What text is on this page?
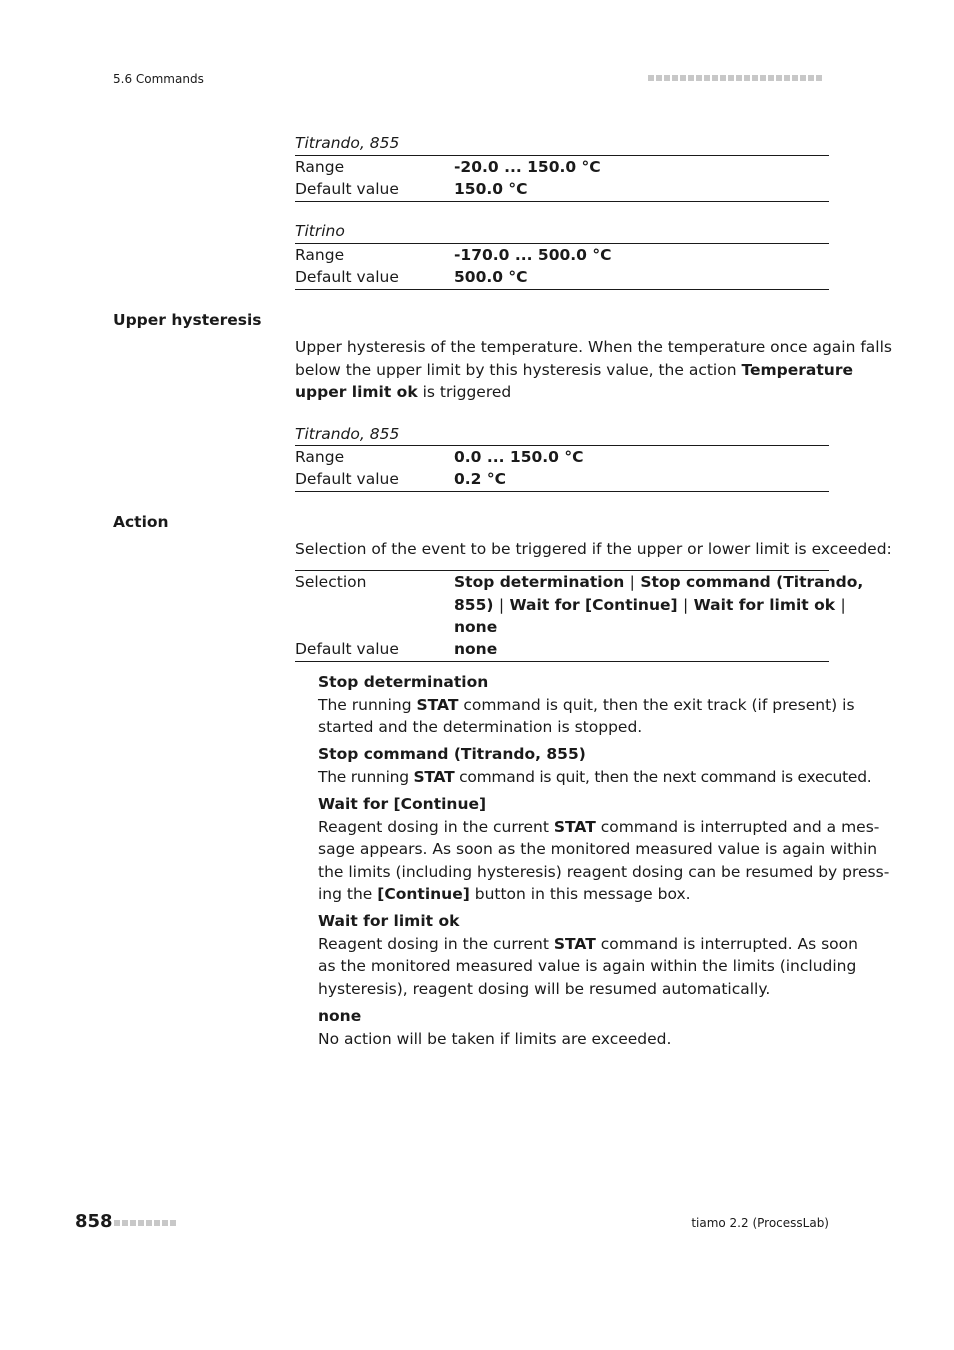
5.6 Commands
Titrando, 855
Range	-20.0 ... 150.0 °C
Default value	150.0 °C
Titrino
Range	-170.0 ... 500.0 °C
Default value	500.0 °C
Upper hysteresis
Upper hysteresis of the temperature. When the temperature once again falls
below the upper limit by this hysteresis value, the action Temperature
upper limit ok is triggered
Titrando, 855
Range	0.0 ... 150.0 °C
Default value	0.2 °C
Action
Selection of the event to be triggered if the upper or lower limit is exceeded:
Selection	Stop determination | Stop command (Titrando,
855) | Wait for [Continue] | Wait for limit ok |
none
Default value	none
Stop determination
The running STAT command is quit, then the exit track (if present) is
started and the determination is stopped.
Stop command (Titrando, 855)
The running STAT command is quit, then the next command is executed.
Wait for [Continue]
Reagent dosing in the current STAT command is interrupted and a mes-
sage appears. As soon as the monitored measured value is again within
the limits (including hysteresis) reagent dosing can be resumed by press-
ing the [Continue] button in this message box.
Wait for limit ok
Reagent dosing in the current STAT command is interrupted. As soon
as the monitored measured value is again within the limits (including
hysteresis), reagent dosing will be resumed automatically.
none
No action will be taken if limits are exceeded.
858	tiamo 2.2 (ProcessLab)
